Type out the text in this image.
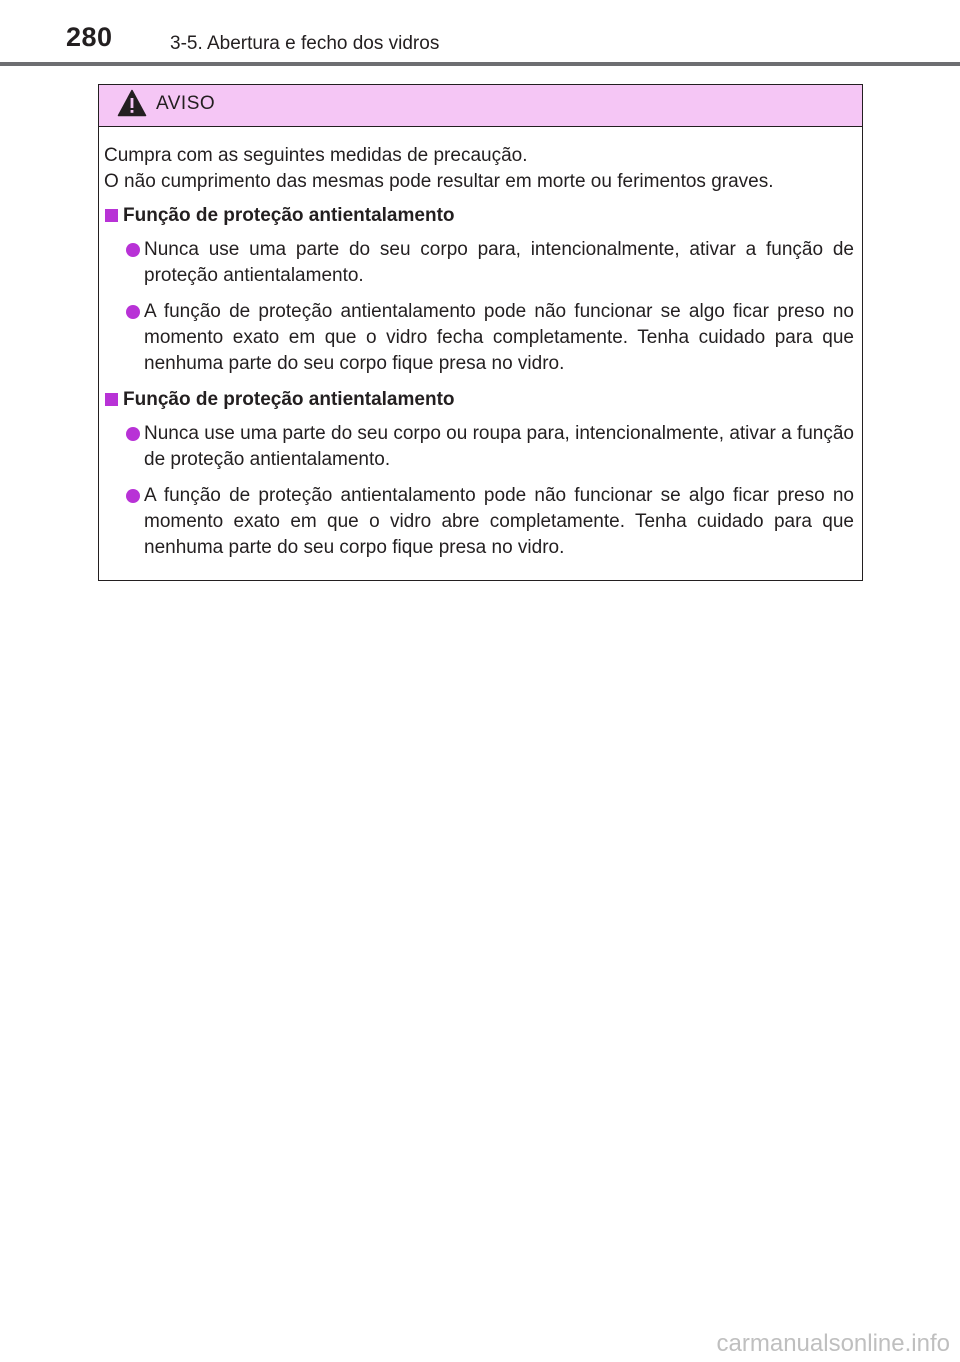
280	3-5. Abertura e fecho dos vidros
AVISO
Cumpra com as seguintes medidas de precaução.
O não cumprimento das mesmas pode resultar em morte ou ferimentos graves.
Função de proteção antientalamento
Nunca use uma parte do seu corpo para, intencionalmente, ativar a função de proteção antientalamento.
A função de proteção antientalamento pode não funcionar se algo ficar preso no momento exato em que o vidro fecha completamente. Tenha cuidado para que nenhuma parte do seu corpo fique presa no vidro.
Função de proteção antientalamento
Nunca use uma parte do seu corpo ou roupa para, intencionalmente, ativar a função de proteção antientalamento.
A função de proteção antientalamento pode não funcionar se algo ficar preso no momento exato em que o vidro abre completamente. Tenha cuidado para que nenhuma parte do seu corpo fique presa no vidro.
carmanualsonline.info
